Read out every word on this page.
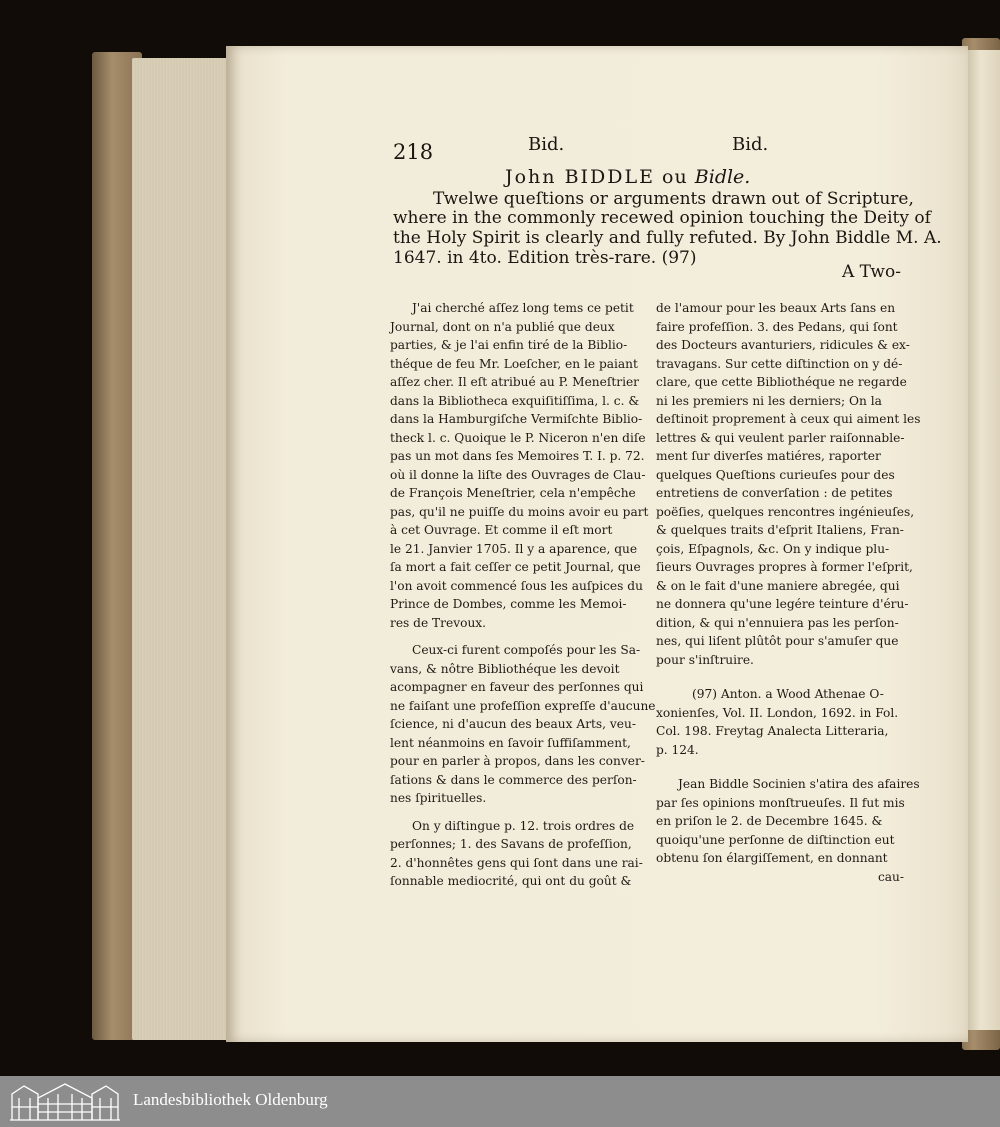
218	Bid.	Bid.
John BIDDLE ou Bidle.
Twelwe queſtions or arguments drawn out of Scripture,
where in the commonly recewed opinion touching the Deity of
the Holy Spirit is clearly and fully refuted. By John Biddle M. A.
1647. in 4to. Edition très-rare. (97)
A Two-
J'ai cherché aſſez long tems ce petit
Journal, dont on n'a publié que deux
parties, & je l'ai enfin tiré de la Biblio-
théque de feu Mr. Loeſcher, en le paiant
aſſez cher. Il eſt atribué au P. Meneſtrier
dans la Bibliotheca exquiſitiſſima, l. c. &
dans la Hamburgiſche Vermiſchte Biblio-
theck l. c. Quoique le P. Niceron n'en diſe
pas un mot dans ſes Memoires T. I. p. 72.
où il donne la liſte des Ouvrages de Clau-
de François Meneſtrier, cela n'empêche
pas, qu'il ne puiſſe du moins avoir eu part
à cet Ouvrage. Et comme il eſt mort
le 21. Janvier 1705. Il y a aparence, que
ſa mort a fait ceſſer ce petit Journal, que
l'on avoit commencé ſous les auſpices du
Prince de Dombes, comme les Memoi-
res de Trevoux.
Ceux-ci furent compoſés pour les Sa-
vans, & nôtre Bibliothéque les devoit
acompagner en faveur des perſonnes qui
ne faiſant une profeſſion expreſſe d'aucune
ſcience, ni d'aucun des beaux Arts, veu-
lent néanmoins en ſavoir ſuffiſamment,
pour en parler à propos, dans les conver-
ſations & dans le commerce des perſon-
nes ſpirituelles.
On y diſtingue p. 12. trois ordres de
perſonnes; 1. des Savans de profeſſion,
2. d'honnêtes gens qui ſont dans une rai-
ſonnable mediocrité, qui ont du goût &
de l'amour pour les beaux Arts ſans en
faire profeſſion. 3. des Pedans, qui ſont
des Docteurs avanturiers, ridicules & ex-
travagans. Sur cette diſtinction on y dé-
clare, que cette Bibliothéque ne regarde
ni les premiers ni les derniers; On la
deſtinoit proprement à ceux qui aiment les
lettres & qui veulent parler raiſonnable-
ment ſur diverſes matiéres, raporter
quelques Queſtions curieuſes pour des
entretiens de converſation : de petites
poëſies, quelques rencontres ingénieuſes,
& quelques traits d'eſprit Italiens, Fran-
çois, Eſpagnols, &c. On y indique plu-
ſieurs Ouvrages propres à former l'eſprit,
& on le fait d'une maniere abregée, qui
ne donnera qu'une legére teinture d'éru-
dition, & qui n'ennuiera pas les perſon-
nes, qui liſent plûtôt pour s'amuſer que
pour s'inſtruire.
(97) Anton. a Wood Athenae O-
xonienſes, Vol. II. London, 1692. in Fol.
Col. 198. Freytag Analecta Litteraria,
p. 124.
Jean Biddle Socinien s'atira des afaires
par ſes opinions monſtrueuſes. Il fut mis
en priſon le 2. de Decembre 1645. &
quoiqu'une perſonne de diſtinction eut
obtenu ſon élargiſſement, en donnant
cau-
Landesbibliothek Oldenburg
